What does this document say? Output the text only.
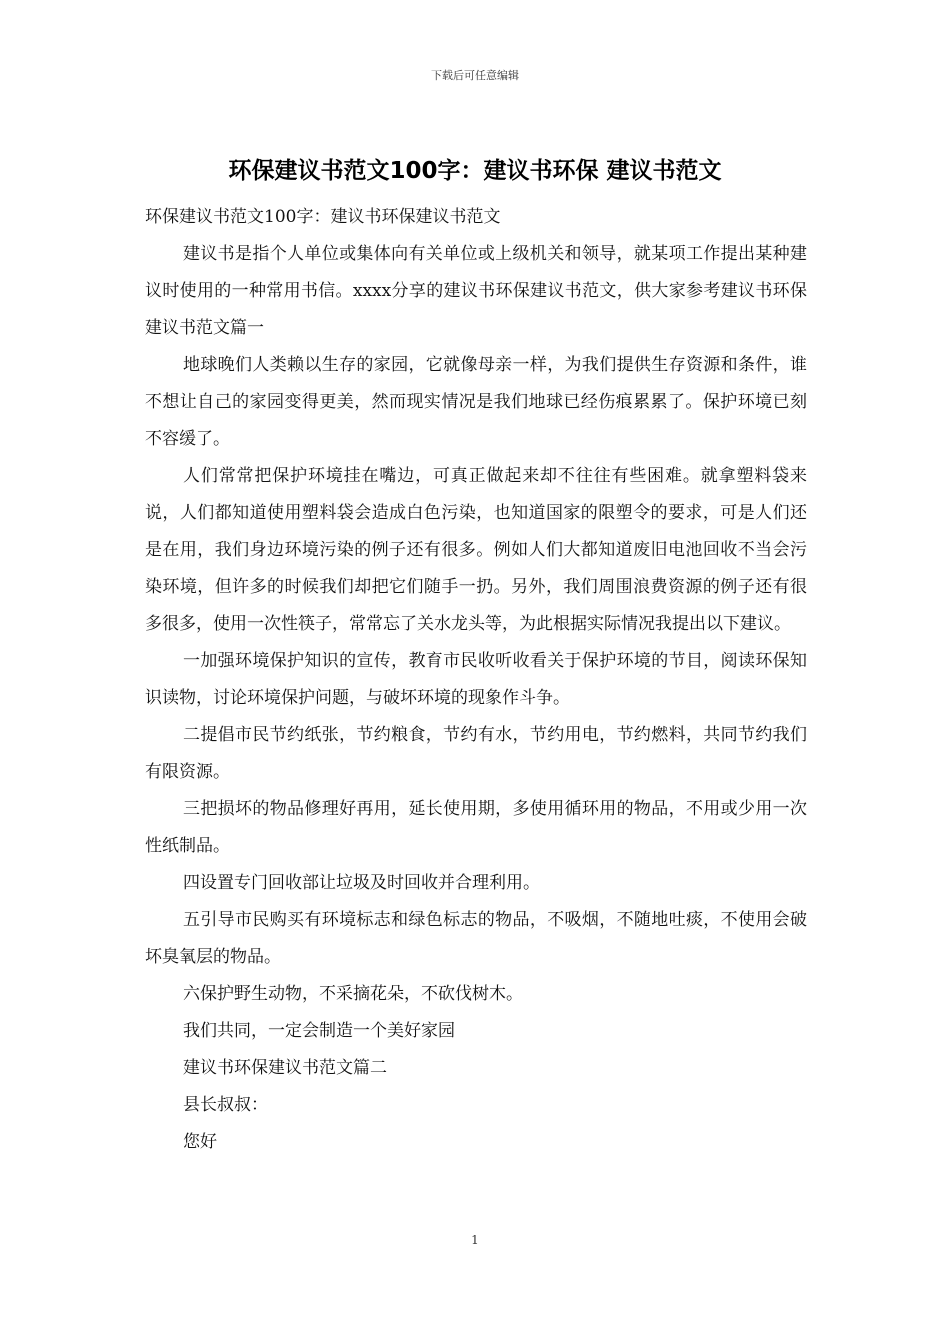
下载后可任意编辑
环保建议书范文100字：建议书环保 建议书范文

环保建议书范文100字：建议书环保建议书范文

建议书是指个人单位或集体向有关单位或上级机关和领导，就某项工作提出某种建议时使用的一种常用书信。xxxx分享的建议书环保建议书范文，供大家参考建议书环保建议书范文篇一

地球晚们人类赖以生存的家园，它就像母亲一样，为我们提供生存资源和条件，谁不想让自己的家园变得更美，然而现实情况是我们地球已经伤痕累累了。保护环境已刻不容缓了。

人们常常把保护环境挂在嘴边，可真正做起来却不往往有些困难。就拿塑料袋来说，人们都知道使用塑料袋会造成白色污染，也知道国家的限塑令的要求，可是人们还是在用，我们身边环境污染的例子还有很多。例如人们大都知道废旧电池回收不当会污染环境，但许多的时候我们却把它们随手一扔。另外，我们周围浪费资源的例子还有很多很多，使用一次性筷子，常常忘了关水龙头等，为此根据实际情况我提出以下建议。

一加强环境保护知识的宣传，教育市民收听收看关于保护环境的节目，阅读环保知识读物，讨论环境保护问题，与破坏环境的现象作斗争。

二提倡市民节约纸张，节约粮食，节约有水，节约用电，节约燃料，共同节约我们有限资源。

三把损坏的物品修理好再用，延长使用期，多使用循环用的物品，不用或少用一次性纸制品。

四设置专门回收部让垃圾及时回收并合理利用。

五引导市民购买有环境标志和绿色标志的物品，不吸烟，不随地吐痰，不使用会破坏臭氧层的物品。

六保护野生动物，不采摘花朵，不砍伐树木。

我们共同，一定会制造一个美好家园

建议书环保建议书范文篇二

县长叔叔：

您好

1
